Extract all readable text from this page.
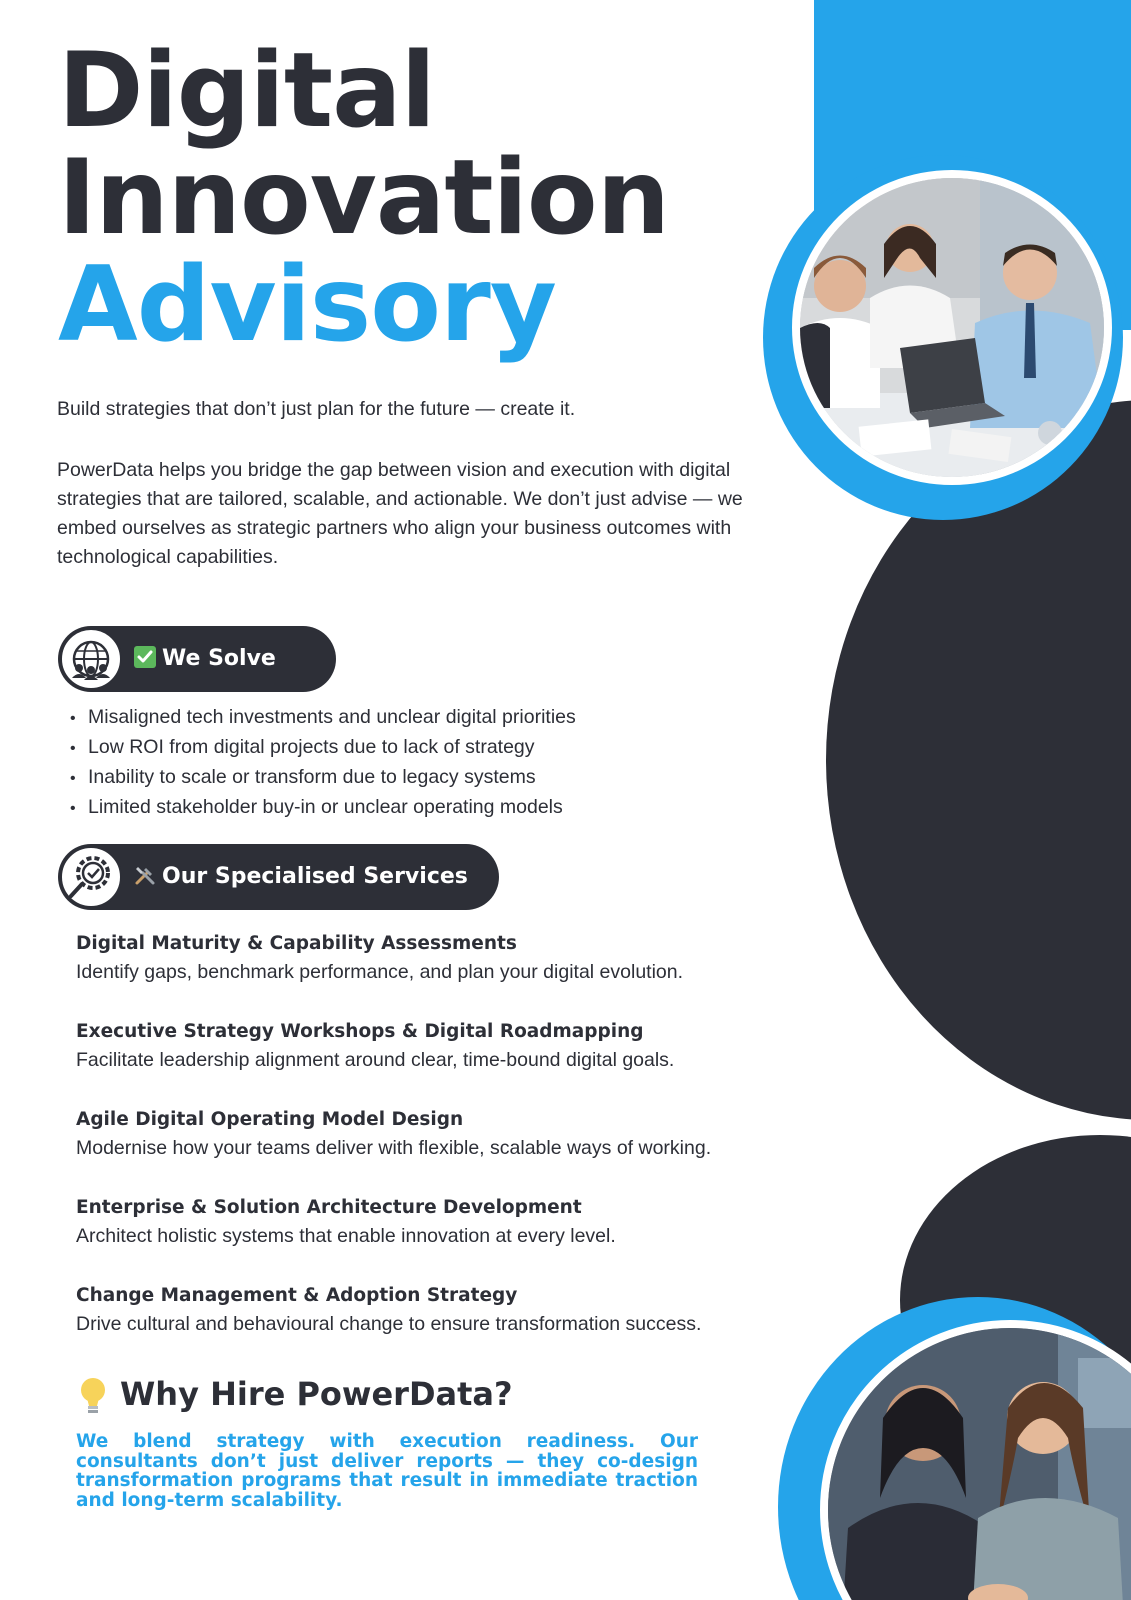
Digital
Innovation
Advisory
Build strategies that don’t just plan for the future — create it.

PowerData helps you bridge the gap between vision and execution with digital strategies that are tailored, scalable, and actionable. We don’t just advise — we embed ourselves as strategic partners who align your business outcomes with technological capabilities.

We Solve
• Misaligned tech investments and unclear digital priorities
• Low ROI from digital projects due to lack of strategy
• Inability to scale or transform due to legacy systems
• Limited stakeholder buy-in or unclear operating models
Our Specialised Services
Digital Maturity & Capability Assessments
Identify gaps, benchmark performance, and plan your digital evolution.
Executive Strategy Workshops & Digital Roadmapping
Facilitate leadership alignment around clear, time-bound digital goals.
Agile Digital Operating Model Design
Modernise how your teams deliver with flexible, scalable ways of working.
Enterprise & Solution Architecture Development
Architect holistic systems that enable innovation at every level.
Change Management & Adoption Strategy
Drive cultural and behavioural change to ensure transformation success.
Why Hire PowerData?

We blend strategy with execution readiness. Our consultants don’t just deliver reports — they co-design transformation programs that result in immediate traction and long-term scalability.
